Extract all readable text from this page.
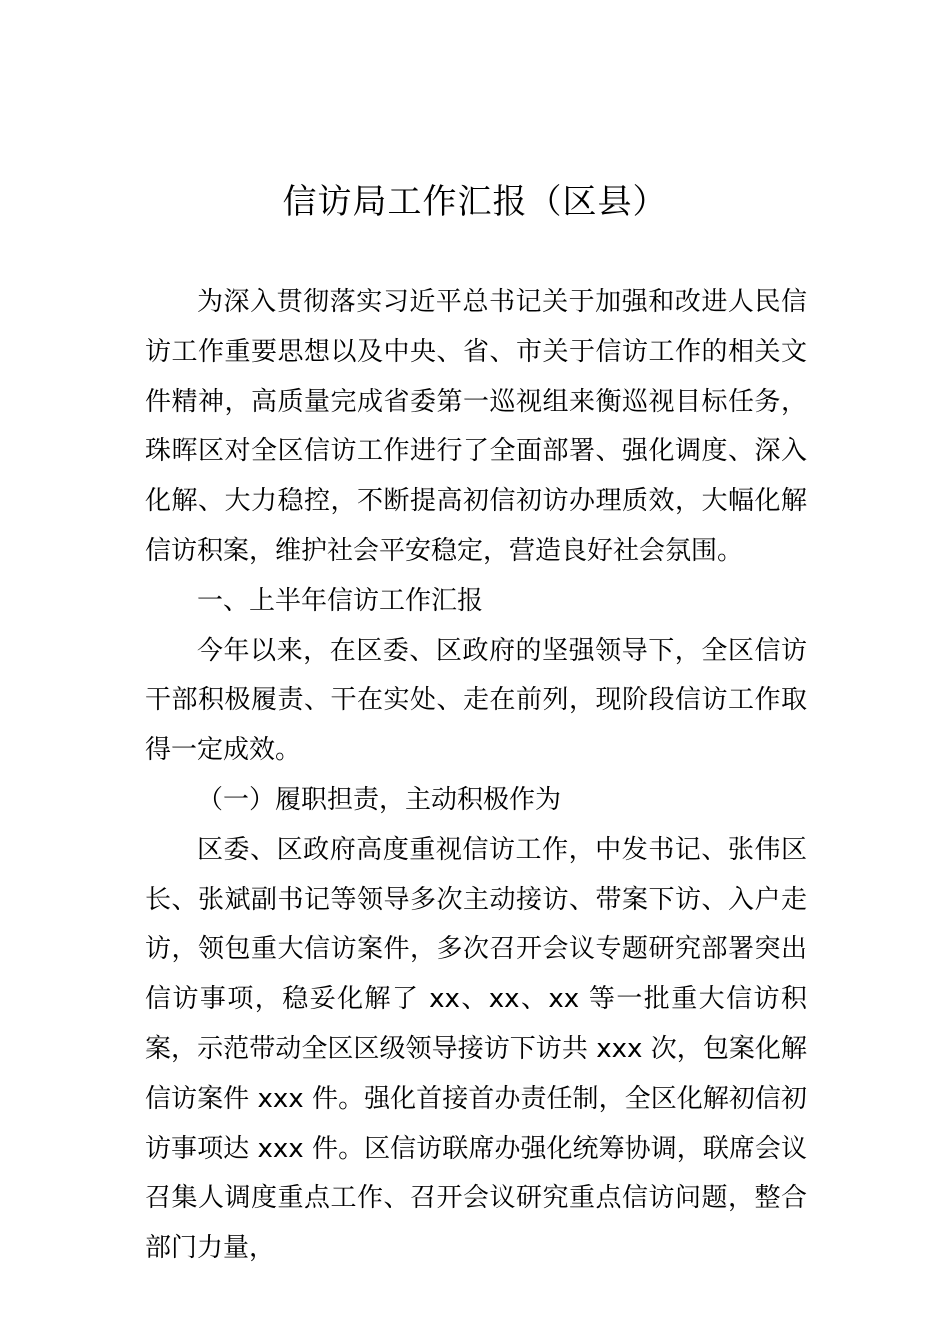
信访局工作汇报（区县）

为深入贯彻落实习近平总书记关于加强和改进人民信访工作重要思想以及中央、省、市关于信访工作的相关文件精神，高质量完成省委第一巡视组来衡巡视目标任务，珠晖区对全区信访工作进行了全面部署、强化调度、深入化解、大力稳控，不断提高初信初访办理质效，大幅化解信访积案，维护社会平安稳定，营造良好社会氛围。

一、上半年信访工作汇报

今年以来，在区委、区政府的坚强领导下，全区信访干部积极履责、干在实处、走在前列，现阶段信访工作取得一定成效。

（一）履职担责，主动积极作为

区委、区政府高度重视信访工作，中发书记、张伟区长、张斌副书记等领导多次主动接访、带案下访、入户走访，领包重大信访案件，多次召开会议专题研究部署突出信访事项，稳妥化解了 xx、xx、xx 等一批重大信访积案，示范带动全区区级领导接访下访共 xxx 次，包案化解信访案件 xxx 件。强化首接首办责任制，全区化解初信初访事项达 xxx 件。区信访联席办强化统筹协调，联席会议召集人调度重点工作、召开会议研究重点信访问题，整合部门力量，
